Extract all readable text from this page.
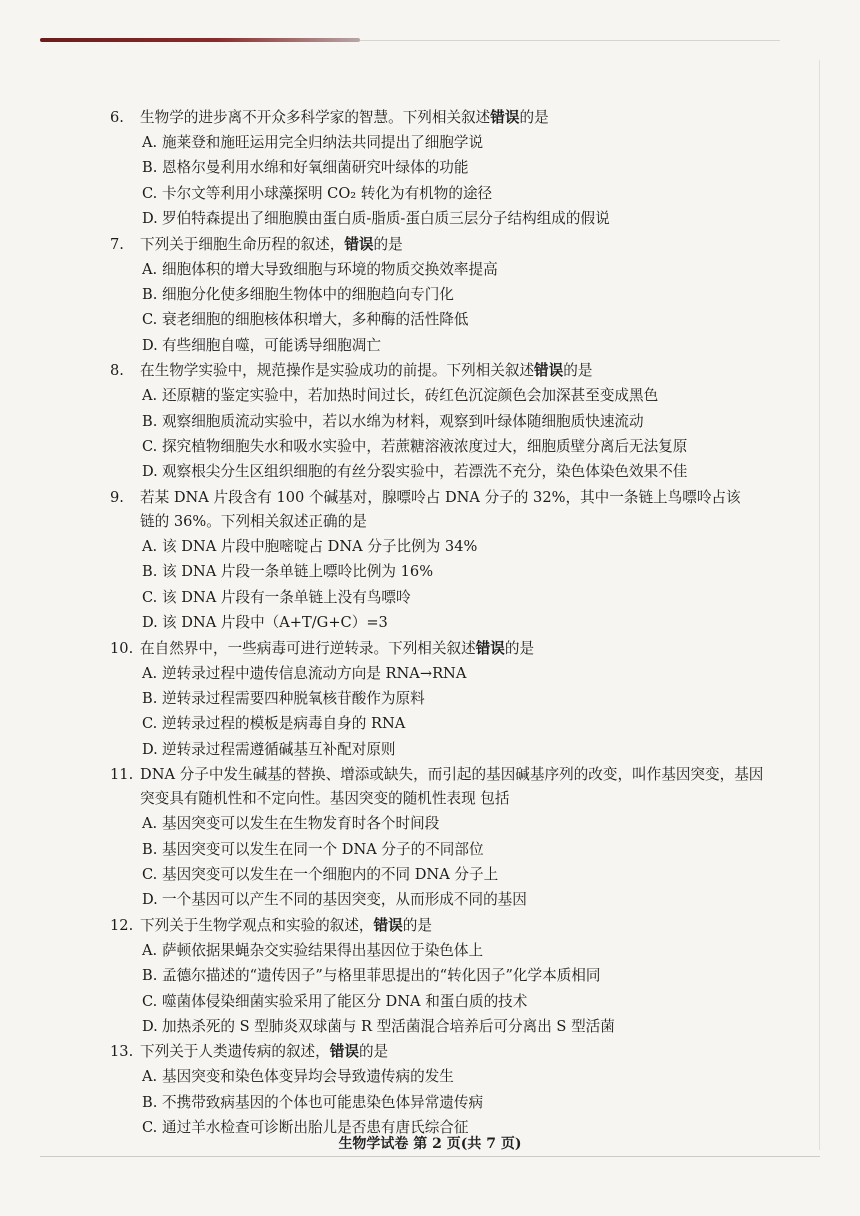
6. 生物学的进步离不开众多科学家的智慧。下列相关叙述错误的是

A. 施莱登和施旺运用完全归纳法共同提出了细胞学说

B. 恩格尔曼利用水绵和好氧细菌研究叶绿体的功能

C. 卡尔文等利用小球藻探明 CO₂ 转化为有机物的途径

D. 罗伯特森提出了细胞膜由蛋白质-脂质-蛋白质三层分子结构组成的假说

7. 下列关于细胞生命历程的叙述，错误的是

A. 细胞体积的增大导致细胞与环境的物质交换效率提高

B. 细胞分化使多细胞生物体中的细胞趋向专门化

C. 衰老细胞的细胞核体积增大，多种酶的活性降低

D. 有些细胞自噬，可能诱导细胞凋亡

8. 在生物学实验中，规范操作是实验成功的前提。下列相关叙述错误的是

A. 还原糖的鉴定实验中，若加热时间过长，砖红色沉淀颜色会加深甚至变成黑色

B. 观察细胞质流动实验中，若以水绵为材料，观察到叶绿体随细胞质快速流动

C. 探究植物细胞失水和吸水实验中，若蔗糖溶液浓度过大，细胞质壁分离后无法复原

D. 观察根尖分生区组织细胞的有丝分裂实验中，若漂洗不充分，染色体染色效果不佳

9. 若某 DNA 片段含有 100 个碱基对，腺嘌呤占 DNA 分子的 32%，其中一条链上鸟嘌呤占该链的 36%。下列相关叙述正确的是

A. 该 DNA 片段中胞嘧啶占 DNA 分子比例为 34%

B. 该 DNA 片段一条单链上嘌呤比例为 16%

C. 该 DNA 片段有一条单链上没有鸟嘌呤

D. 该 DNA 片段中（A+T/G+C）=3

10. 在自然界中，一些病毒可进行逆转录。下列相关叙述错误的是

A. 逆转录过程中遗传信息流动方向是 RNA→RNA

B. 逆转录过程需要四种脱氧核苷酸作为原料

C. 逆转录过程的模板是病毒自身的 RNA

D. 逆转录过程需遵循碱基互补配对原则

11. DNA 分子中发生碱基的替换、增添或缺失，而引起的基因碱基序列的改变，叫作基因突变，基因突变具有随机性和不定向性。基因突变的随机性表现 包括

A. 基因突变可以发生在生物发育时各个时间段

B. 基因突变可以发生在同一个 DNA 分子的不同部位

C. 基因突变可以发生在一个细胞内的不同 DNA 分子上

D. 一个基因可以产生不同的基因突变，从而形成不同的基因

12. 下列关于生物学观点和实验的叙述，错误的是

A. 萨顿依据果蝇杂交实验结果得出基因位于染色体上

B. 孟德尔描述的“遗传因子”与格里菲思提出的“转化因子”化学本质相同

C. 噬菌体侵染细菌实验采用了能区分 DNA 和蛋白质的技术

D. 加热杀死的 S 型肺炎双球菌与 R 型活菌混合培养后可分离出 S 型活菌

13. 下列关于人类遗传病的叙述，错误的是

A. 基因突变和染色体变异均会导致遗传病的发生

B. 不携带致病基因的个体也可能患染色体异常遗传病

C. 通过羊水检查可诊断出胎儿是否患有唐氏综合征

生物学试卷 第 2 页(共 7 页)
